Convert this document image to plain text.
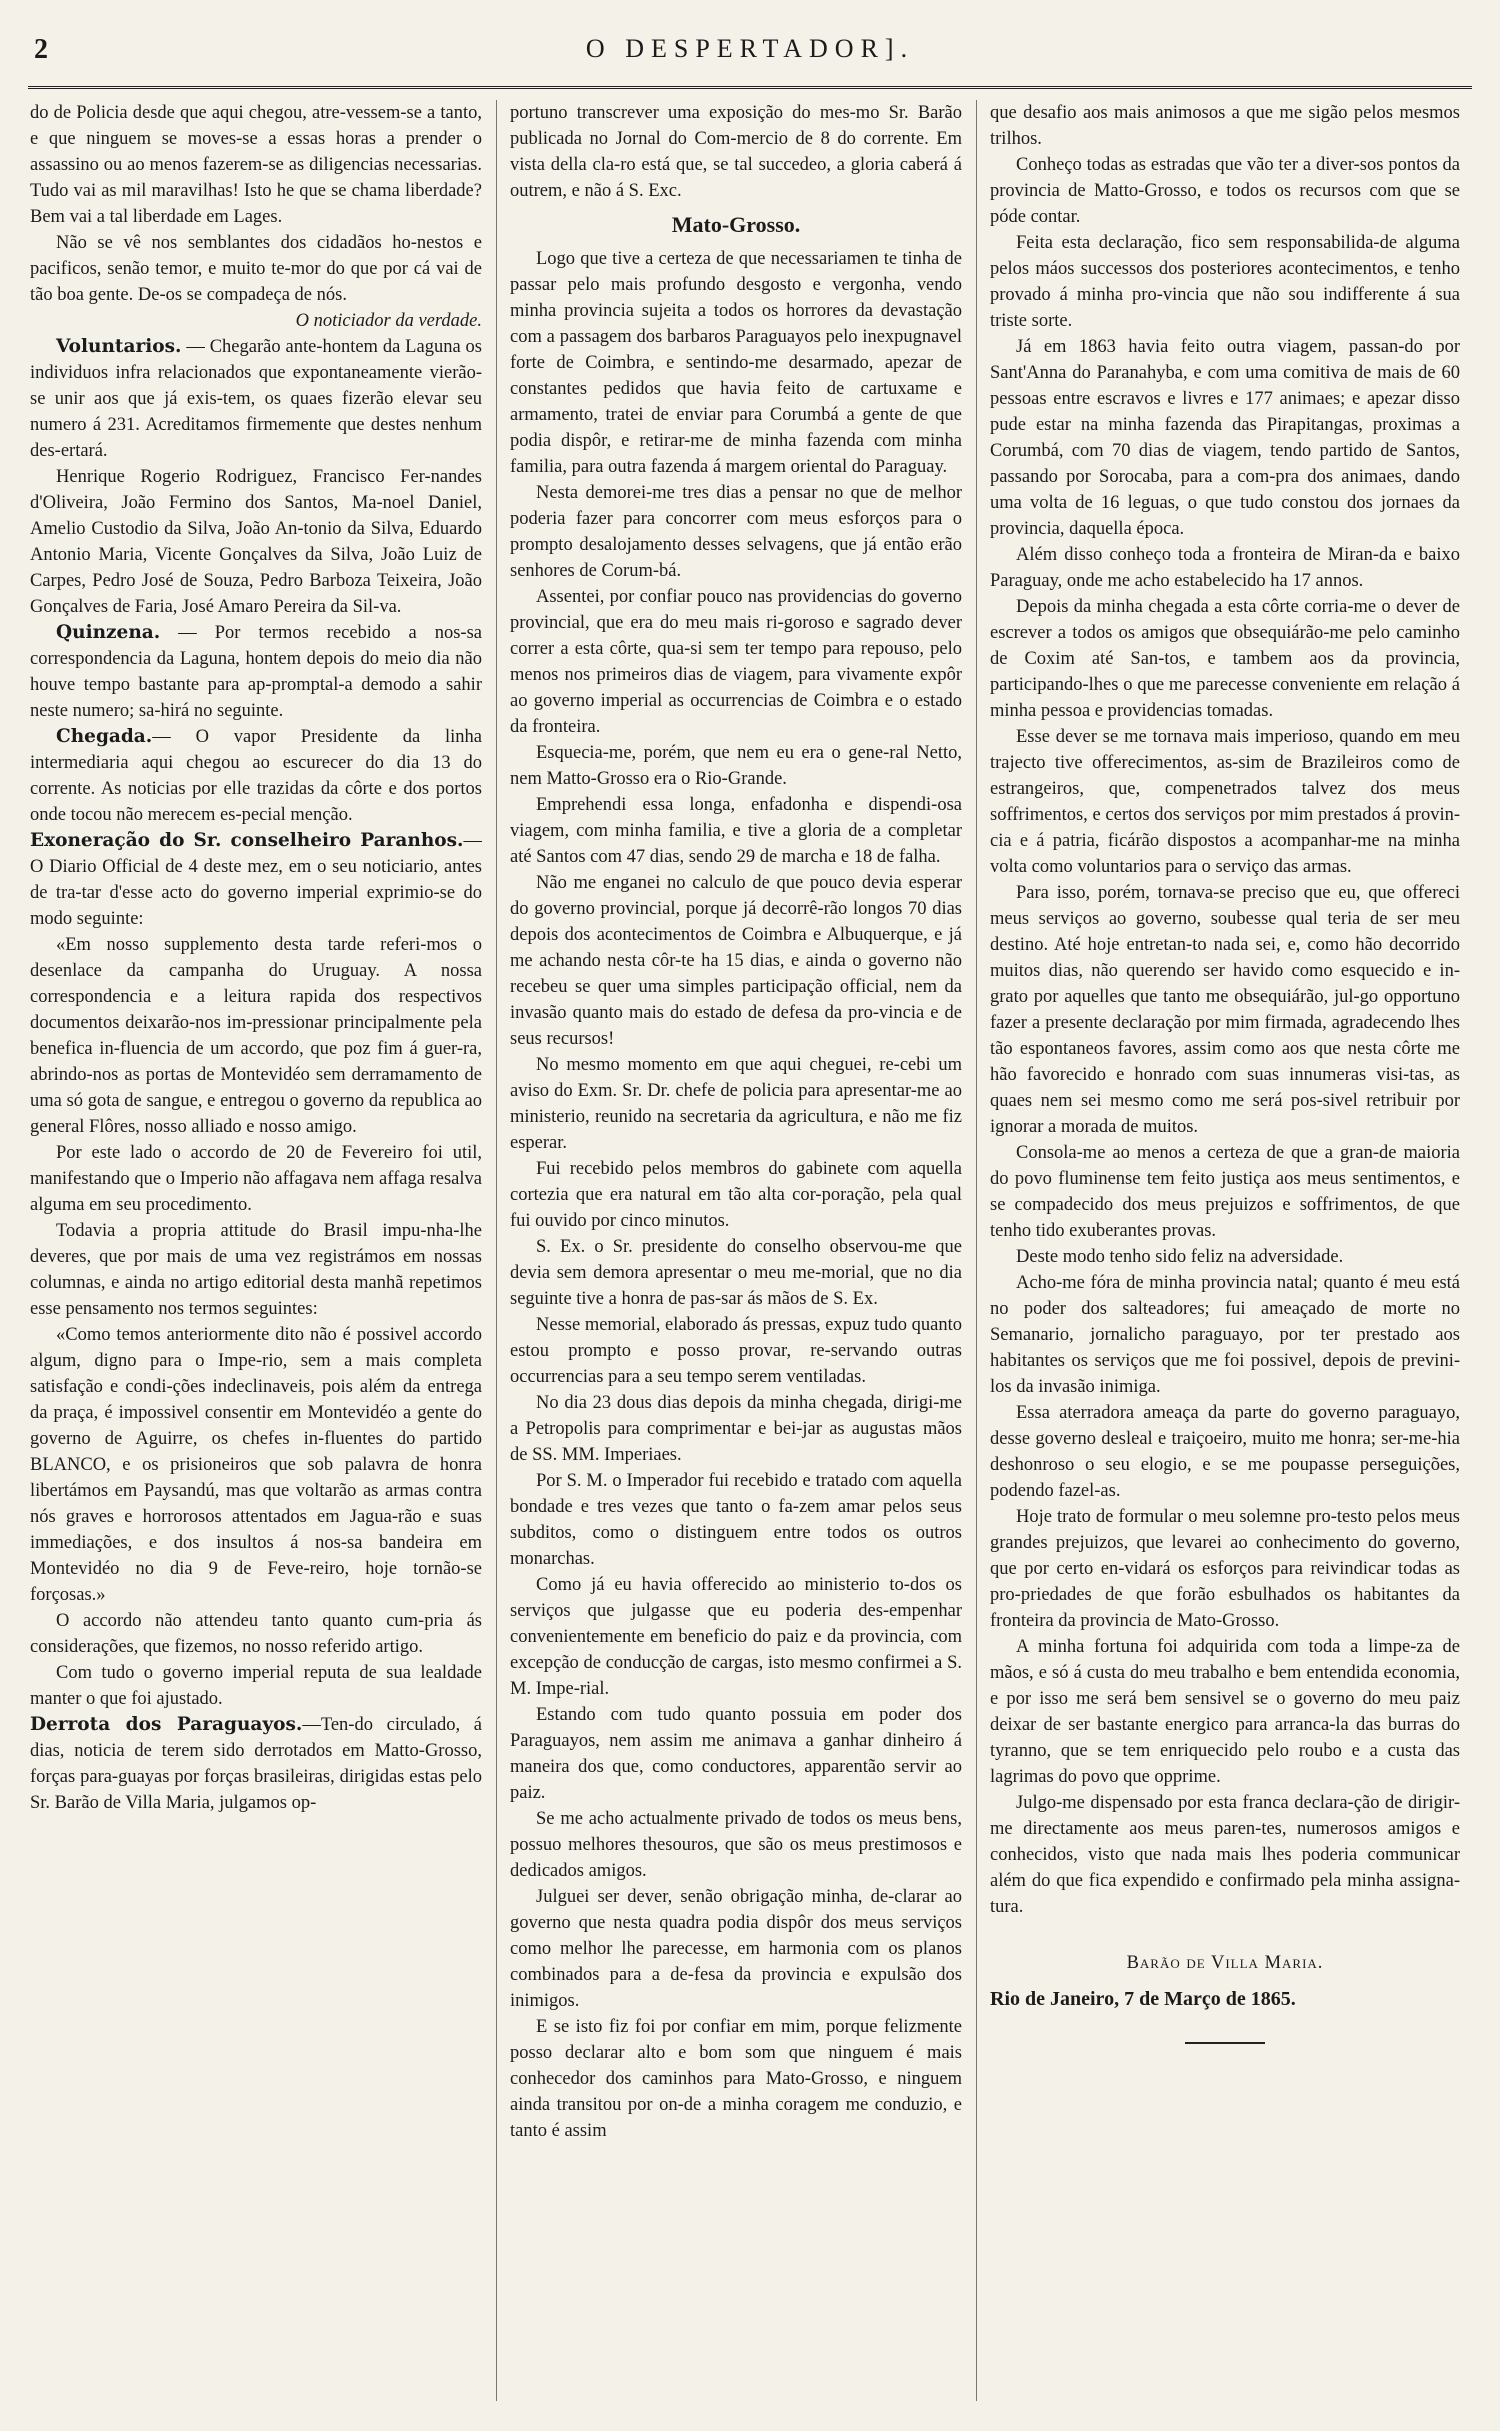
2	O DESPERTADOR].

do de Policia desde que aqui chegou, atre-vessem-se a tanto, e que ninguem se moves-se a essas horas a prender o assassino ou ao menos fazerem-se as diligencias necessarias. Tudo vai as mil maravilhas! Isto he que se chama liberdade? Bem vai a tal liberdade em Lages.

Não se vê nos semblantes dos cidadãos ho-nestos e pacificos, senão temor, e muito te-mor do que por cá vai de tão boa gente. De-os se compadeça de nós.

O noticiador da verdade.

Voluntarios. — Chegarão ante-hontem da Laguna os individuos infra relacionados que expontaneamente vierão-se unir aos que já exis-tem, os quaes fizerão elevar seu numero á 231. Acreditamos firmemente que destes nenhum des-ertará.

Henrique Rogerio Rodriguez, Francisco Fer-nandes d'Oliveira, João Fermino dos Santos, Ma-noel Daniel, Amelio Custodio da Silva, João An-tonio da Silva, Eduardo Antonio Maria, Vicente Gonçalves da Silva, João Luiz de Carpes, Pedro José de Souza, Pedro Barboza Teixeira, João Gonçalves de Faria, José Amaro Pereira da Sil-va.

Quinzena. — Por termos recebido a nos-sa correspondencia da Laguna, hontem depois do meio dia não houve tempo bastante para ap-promptal-a demodo a sahir neste numero; sa-hirá no seguinte.

Chegada.— O vapor Presidente da linha intermediaria aqui chegou ao escurecer do dia 13 do corrente. As noticias por elle trazidas da côrte e dos portos onde tocou não merecem es-pecial menção.

Exoneração do Sr. conselheiro Paranhos.— O Diario Official de 4 deste mez, em o seu noticiario, antes de tra-tar d'esse acto do governo imperial exprimio-se do modo seguinte:

«Em nosso supplemento desta tarde referi-mos o desenlace da campanha do Uruguay. A nossa correspondencia e a leitura rapida dos respectivos documentos deixarão-nos im-pressionar principalmente pela benefica in-fluencia de um accordo, que poz fim á guer-ra, abrindo-nos as portas de Montevidéo sem derramamento de uma só gota de sangue, e entregou o governo da republica ao general Flôres, nosso alliado e nosso amigo.

Por este lado o accordo de 20 de Fevereiro foi util, manifestando que o Imperio não affagava nem affaga resalva alguma em seu procedimento.

Todavia a propria attitude do Brasil impu-nha-lhe deveres, que por mais de uma vez registrámos em nossas columnas, e ainda no artigo editorial desta manhã repetimos esse pensamento nos termos seguintes:

«Como temos anteriormente dito não é possivel accordo algum, digno para o Impe-rio, sem a mais completa satisfação e condi-ções indeclinaveis, pois além da entrega da praça, é impossivel consentir em Montevidéo a gente do governo de Aguirre, os chefes in-fluentes do partido BLANCO, e os prisioneiros que sob palavra de honra libertámos em Paysandú, mas que voltarão as armas contra nós graves e horrorosos attentados em Jagua-rão e suas immediações, e dos insultos á nos-sa bandeira em Montevidéo no dia 9 de Feve-reiro, hoje tornão-se forçosas.»

O accordo não attendeu tanto quanto cum-pria ás considerações, que fizemos, no nosso referido artigo.

Com tudo o governo imperial reputa de sua lealdade manter o que foi ajustado.

Derrota dos Paraguayos.—Ten-do circulado, á dias, noticia de terem sido derrotados em Matto-Grosso, forças para-guayas por forças brasileiras, dirigidas estas pelo Sr. Barão de Villa Maria, julgamos op-

portuno transcrever uma exposição do mes-mo Sr. Barão publicada no Jornal do Com-mercio de 8 do corrente. Em vista della cla-ro está que, se tal succedeo, a gloria caberá á outrem, e não á S. Exc.

Mato-Grosso.

Logo que tive a certeza de que necessariamen te tinha de passar pelo mais profundo desgosto e vergonha, vendo minha provincia sujeita a todos os horrores da devastação com a passagem dos barbaros Paraguayos pelo inexpugnavel forte de Coimbra, e sentindo-me desarmado, apezar de constantes pedidos que havia feito de cartuxame e armamento, tratei de enviar para Corumbá a gente de que podia dispôr, e retirar-me de minha fazenda com minha familia, para outra fazenda á margem oriental do Paraguay.

Nesta demorei-me tres dias a pensar no que de melhor poderia fazer para concorrer com meus esforços para o prompto desalojamento desses selvagens, que já então erão senhores de Corum-bá.

Assentei, por confiar pouco nas providencias do governo provincial, que era do meu mais ri-goroso e sagrado dever correr a esta côrte, qua-si sem ter tempo para repouso, pelo menos nos primeiros dias de viagem, para vivamente expôr ao governo imperial as occurrencias de Coimbra e o estado da fronteira.

Esquecia-me, porém, que nem eu era o gene-ral Netto, nem Matto-Grosso era o Rio-Grande.

Emprehendi essa longa, enfadonha e dispendi-osa viagem, com minha familia, e tive a gloria de a completar até Santos com 47 dias, sendo 29 de marcha e 18 de falha.

Não me enganei no calculo de que pouco devia esperar do governo provincial, porque já decorrê-rão longos 70 dias depois dos acontecimentos de Coimbra e Albuquerque, e já me achando nesta côr-te ha 15 dias, e ainda o governo não recebeu se quer uma simples participação official, nem da invasão quanto mais do estado de defesa da pro-vincia e de seus recursos!

No mesmo momento em que aqui cheguei, re-cebi um aviso do Exm. Sr. Dr. chefe de policia para apresentar-me ao ministerio, reunido na secretaria da agricultura, e não me fiz esperar.

Fui recebido pelos membros do gabinete com aquella cortezia que era natural em tão alta cor-poração, pela qual fui ouvido por cinco minutos.

S. Ex. o Sr. presidente do conselho observou-me que devia sem demora apresentar o meu me-morial, que no dia seguinte tive a honra de pas-sar ás mãos de S. Ex.

Nesse memorial, elaborado ás pressas, expuz tudo quanto estou prompto e posso provar, re-servando outras occurrencias para a seu tempo serem ventiladas.

No dia 23 dous dias depois da minha chegada, dirigi-me a Petropolis para comprimentar e bei-jar as augustas mãos de SS. MM. Imperiaes.

Por S. M. o Imperador fui recebido e tratado com aquella bondade e tres vezes que tanto o fa-zem amar pelos seus subditos, como o distinguem entre todos os outros monarchas.

Como já eu havia offerecido ao ministerio to-dos os serviços que julgasse que eu poderia des-empenhar convenientemente em beneficio do paiz e da provincia, com excepção de conducção de cargas, isto mesmo confirmei a S. M. Impe-rial.

Estando com tudo quanto possuia em poder dos Paraguayos, nem assim me animava a ganhar dinheiro á maneira dos que, como conductores, apparentão servir ao paiz.

Se me acho actualmente privado de todos os meus bens, possuo melhores thesouros, que são os meus prestimosos e dedicados amigos.

Julguei ser dever, senão obrigação minha, de-clarar ao governo que nesta quadra podia dispôr dos meus serviços como melhor lhe parecesse, em harmonia com os planos combinados para a de-fesa da provincia e expulsão dos inimigos.

E se isto fiz foi por confiar em mim, porque felizmente posso declarar alto e bom som que ninguem é mais conhecedor dos caminhos para Mato-Grosso, e ninguem ainda transitou por on-de a minha coragem me conduzio, e tanto é assim

que desafio aos mais animosos a que me sigão pelos mesmos trilhos.

Conheço todas as estradas que vão ter a diver-sos pontos da provincia de Matto-Grosso, e todos os recursos com que se póde contar.

Feita esta declaração, fico sem responsabilida-de alguma pelos máos successos dos posteriores acontecimentos, e tenho provado á minha pro-vincia que não sou indifferente á sua triste sorte.

Já em 1863 havia feito outra viagem, passan-do por Sant'Anna do Paranahyba, e com uma comitiva de mais de 60 pessoas entre escravos e livres e 177 animaes; e apezar disso pude estar na minha fazenda das Pirapitangas, proximas a Corumbá, com 70 dias de viagem, tendo partido de Santos, passando por Sorocaba, para a com-pra dos animaes, dando uma volta de 16 leguas, o que tudo constou dos jornaes da provincia, daquella época.

Além disso conheço toda a fronteira de Miran-da e baixo Paraguay, onde me acho estabelecido ha 17 annos.

Depois da minha chegada a esta côrte corria-me o dever de escrever a todos os amigos que obsequiárão-me pelo caminho de Coxim até San-tos, e tambem aos da provincia, participando-lhes o que me parecesse conveniente em relação á minha pessoa e providencias tomadas.

Esse dever se me tornava mais imperioso, quando em meu trajecto tive offerecimentos, as-sim de Brazileiros como de estrangeiros, que, compenetrados talvez dos meus soffrimentos, e certos dos serviços por mim prestados á provin-cia e á patria, ficárão dispostos a acompanhar-me na minha volta como voluntarios para o serviço das armas.

Para isso, porém, tornava-se preciso que eu, que offereci meus serviços ao governo, soubesse qual teria de ser meu destino. Até hoje entretan-to nada sei, e, como hão decorrido muitos dias, não querendo ser havido como esquecido e in-grato por aquelles que tanto me obsequiárão, jul-go opportuno fazer a presente declaração por mim firmada, agradecendo lhes tão espontaneos favores, assim como aos que nesta côrte me hão favorecido e honrado com suas innumeras visi-tas, as quaes nem sei mesmo como me será pos-sivel retribuir por ignorar a morada de muitos.

Consola-me ao menos a certeza de que a gran-de maioria do povo fluminense tem feito justiça aos meus sentimentos, e se compadecido dos meus prejuizos e soffrimentos, de que tenho tido exuberantes provas.

Deste modo tenho sido feliz na adversidade.

Acho-me fóra de minha provincia natal; quanto é meu está no poder dos salteadores; fui ameaçado de morte no Semanario, jornalicho paraguayo, por ter prestado aos habitantes os serviços que me foi possivel, depois de previni-los da invasão inimiga.

Essa aterradora ameaça da parte do governo paraguayo, desse governo desleal e traiçoeiro, muito me honra; ser-me-hia deshonroso o seu elogio, e se me poupasse perseguições, podendo fazel-as.

Hoje trato de formular o meu solemne pro-testo pelos meus grandes prejuizos, que levarei ao conhecimento do governo, que por certo en-vidará os esforços para reivindicar todas as pro-priedades de que forão esbulhados os habitantes da fronteira da provincia de Mato-Grosso.

A minha fortuna foi adquirida com toda a limpe-za de mãos, e só á custa do meu trabalho e bem entendida economia, e por isso me será bem sensivel se o governo do meu paiz deixar de ser bastante energico para arranca-la das burras do tyranno, que se tem enriquecido pelo roubo e a custa das lagrimas do povo que opprime.

Julgo-me dispensado por esta franca declara-ção de dirigir-me directamente aos meus paren-tes, numerosos amigos e conhecidos, visto que nada mais lhes poderia communicar além do que fica expendido e confirmado pela minha assigna-tura.

Barão de Villa Maria.

Rio de Janeiro, 7 de Março de 1865.
